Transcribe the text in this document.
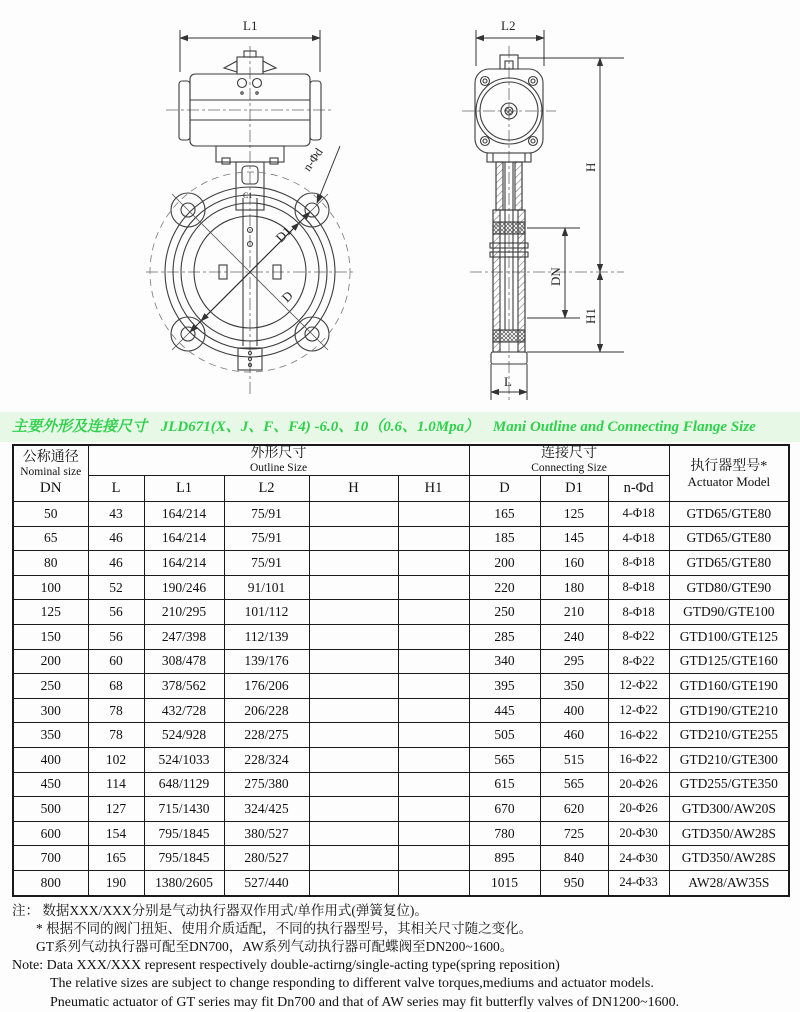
L1
C1
D1
D
n-Φd
L2
H
H1
DN
L
主要外形及连接尺寸 JLD671(X、J、F、F4) -6.0、10（0.6、1.0Mpa） Mani Outline and Connecting Flange Size
公称通径
Nominal size
DN

外形尺寸
Outline Size

连接尺寸
Connecting Size	执行器型号*
Actuator Model

	L	L1	L2	H	H1	D	D1	n-Φd	
50	43	164/214	75/91			165	125	4-Φ18	GTD65/GTE80
65	46	164/214	75/91			185	145	4-Φ18	GTD65/GTE80
80	46	164/214	75/91			200	160	8-Φ18	GTD65/GTE80
100	52	190/246	91/101			220	180	8-Φ18	GTD80/GTE90
125	56	210/295	101/112			250	210	8-Φ18	GTD90/GTE100
150	56	247/398	112/139			285	240	8-Φ22	GTD100/GTE125
200	60	308/478	139/176			340	295	8-Φ22	GTD125/GTE160
250	68	378/562	176/206			395	350	12-Φ22	GTD160/GTE190
300	78	432/728	206/228			445	400	12-Φ22	GTD190/GTE210
350	78	524/928	228/275			505	460	16-Φ22	GTD210/GTE255
400	102	524/1033	228/324			565	515	16-Φ22	GTD210/GTE300
450	114	648/1129	275/380			615	565	20-Φ26	GTD255/GTE350
500	127	715/1430	324/425			670	620	20-Φ26	GTD300/AW20S
600	154	795/1845	380/527			780	725	20-Φ30	GTD350/AW28S
700	165	795/1845	280/527			895	840	24-Φ30	GTD350/AW28S
800	190	1380/2605	527/440			1015	950	24-Φ33	AW28/AW35S
注： 数据XXX/XXX分别是气动执行器双作用式/单作用式(弹簧复位)。
* 根据不同的阀门扭矩、使用介质适配，不同的执行器型号，其相关尺寸随之变化。
GT系列气动执行器可配至DN700，AW系列气动执行器可配蝶阀至DN200~1600。
Note: Data XXX/XXX represent respectively double-actirng/single-acting type(spring reposition)
The relative sizes are subject to change responding to different valve torques,mediums and actuator models.
Pneumatic actuator of GT series may fit Dn700 and that of AW series may fit butterfly valves of DN1200~1600.
